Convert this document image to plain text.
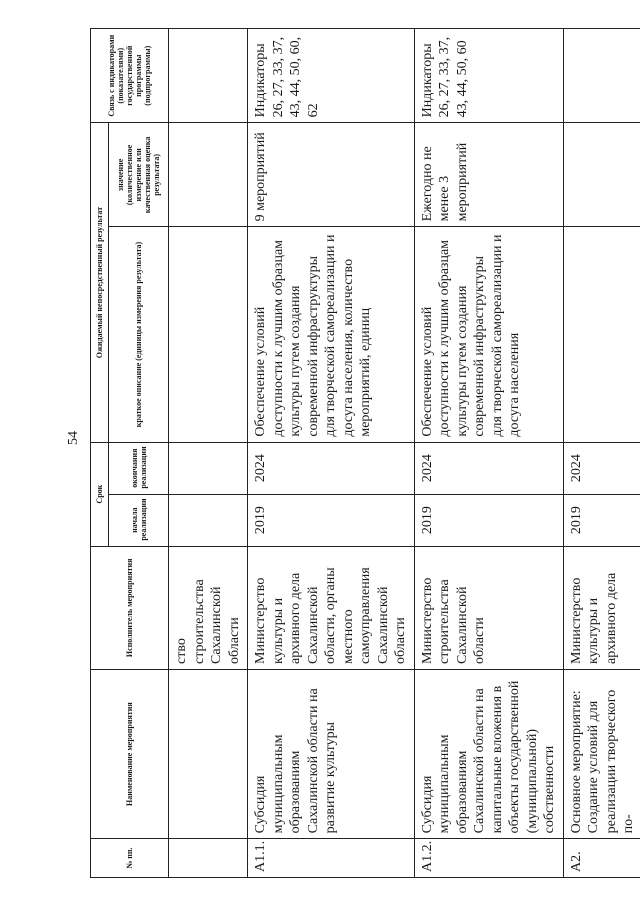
54
№ пп.	Наименование мероприятия	Исполнитель мероприятия	Срок		Ожидаемый непосредственный результат		Связь с индикаторами (показателями) государственной программы (подпрограммы)
			начала реализации	окончания реализации	краткое описание (единицы измерения результата)	значение (количественное измерение или качественная оценка результата)	
		ство строительства Сахалинской области					
А1.1.	Субсидия муниципальным образованиям Сахалинской области на развитие культуры	Министерство культуры и архивного дела Сахалинской области, органы местного самоуправления Сахалинской области	2019	2024	Обеспечение условий доступности к лучшим образцам культуры путем создания современной инфраструктуры для творческой самореализации и досуга населения, количество мероприятий, единиц	9 мероприятий	Индикаторы 26, 27, 33, 37, 43, 44, 50, 60, 62
А1.2.	Субсидия муниципальным образованиям Сахалинской области на капитальные вложения в объекты государственной (муниципальной) собственности	Министерство строительства Сахалинской области	2019	2024	Обеспечение условий доступности к лучшим образцам культуры путем создания современной инфраструктуры для творческой самореализации и досуга населения	Ежегодно не менее 3 мероприятий	Индикаторы 26, 27, 33, 37, 43, 44, 50, 60
А2.	Основное мероприятие: Создание условий для реализации творческого по-	Министерство культуры и архивного дела	2019	2024			
